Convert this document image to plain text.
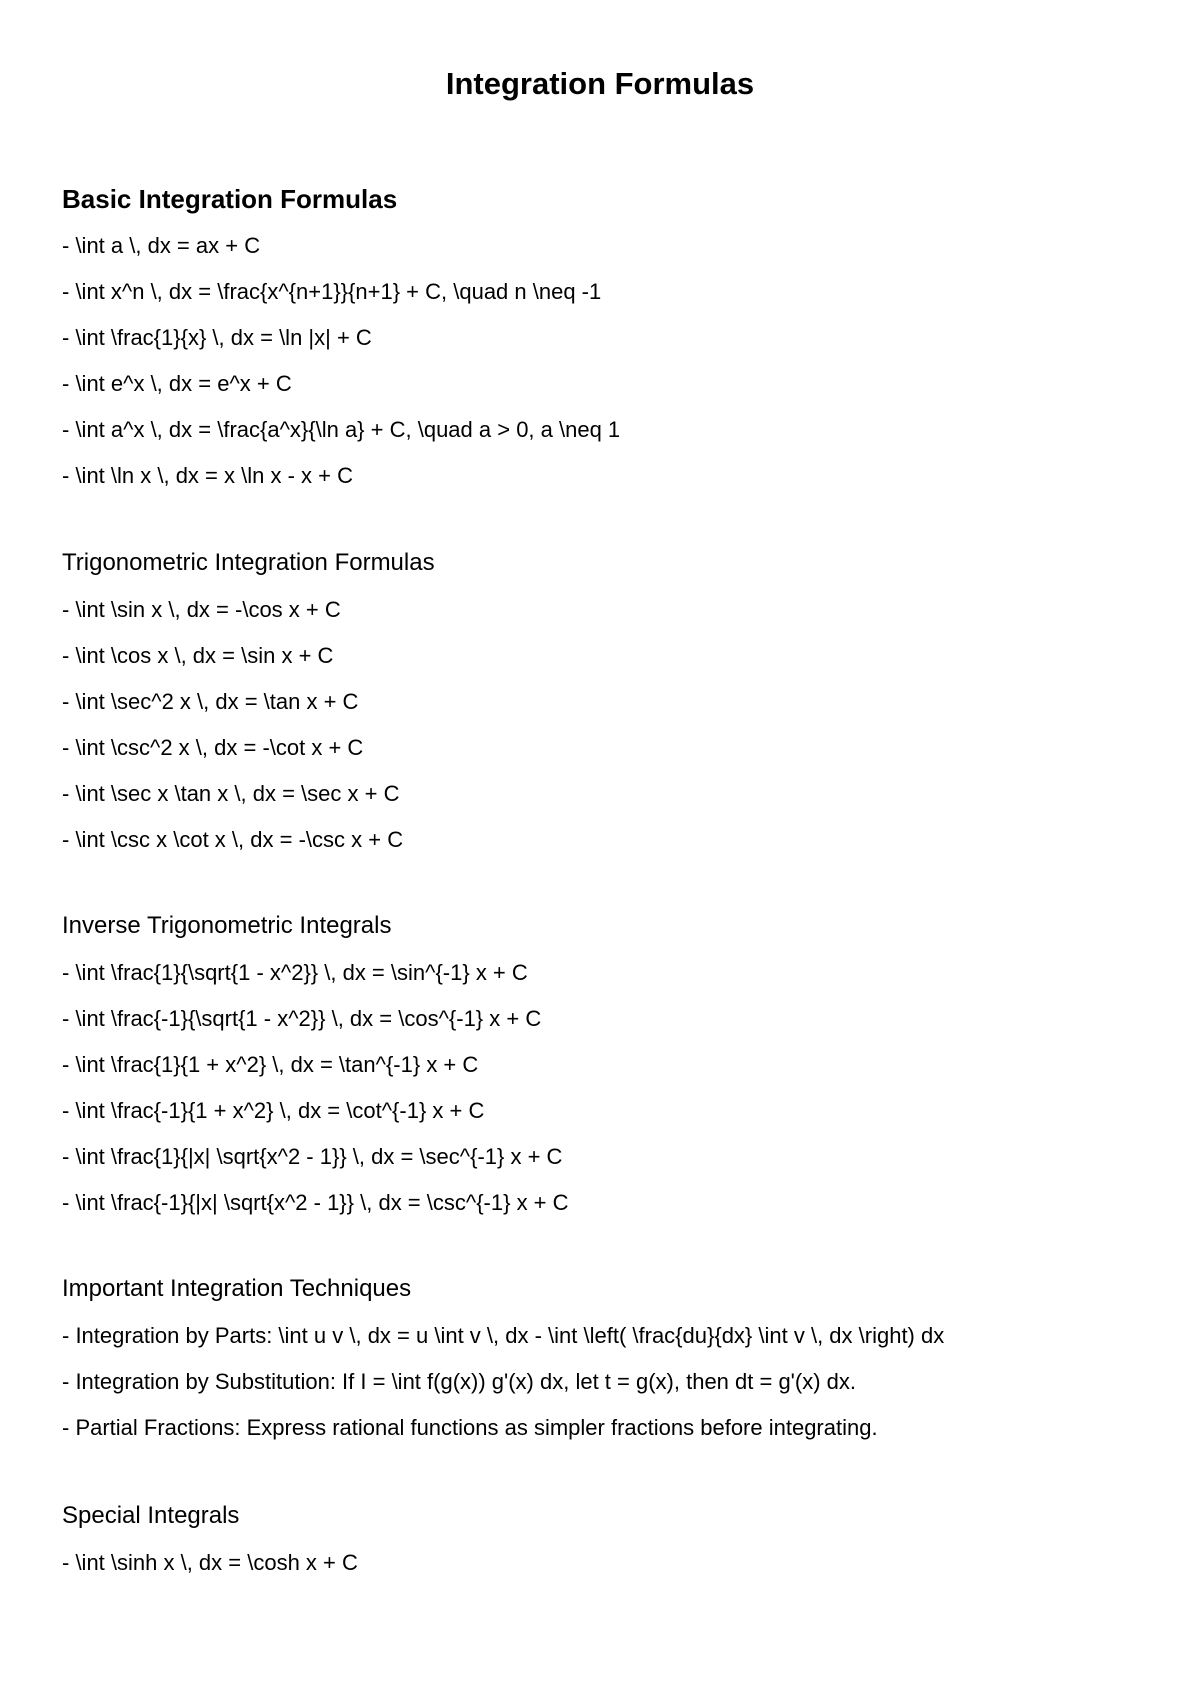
Integration Formulas
Basic Integration Formulas
- \int a \, dx = ax + C
- \int x^n \, dx = \frac{x^{n+1}}{n+1} + C, \quad n \neq -1
- \int \frac{1}{x} \, dx = \ln |x| + C
- \int e^x \, dx = e^x + C
- \int a^x \, dx = \frac{a^x}{\ln a} + C, \quad a > 0, a \neq 1
- \int \ln x \, dx = x \ln x - x + C
Trigonometric Integration Formulas
- \int \sin x \, dx = -\cos x + C
- \int \cos x \, dx = \sin x + C
- \int \sec^2 x \, dx = \tan x + C
- \int \csc^2 x \, dx = -\cot x + C
- \int \sec x \tan x \, dx = \sec x + C
- \int \csc x \cot x \, dx = -\csc x + C
Inverse Trigonometric Integrals
- \int \frac{1}{\sqrt{1 - x^2}} \, dx = \sin^{-1} x + C
- \int \frac{-1}{\sqrt{1 - x^2}} \, dx = \cos^{-1} x + C
- \int \frac{1}{1 + x^2} \, dx = \tan^{-1} x + C
- \int \frac{-1}{1 + x^2} \, dx = \cot^{-1} x + C
- \int \frac{1}{|x| \sqrt{x^2 - 1}} \, dx = \sec^{-1} x + C
- \int \frac{-1}{|x| \sqrt{x^2 - 1}} \, dx = \csc^{-1} x + C
Important Integration Techniques
- Integration by Parts: \int u v \, dx = u \int v \, dx - \int \left( \frac{du}{dx} \int v \, dx \right) dx
- Integration by Substitution: If I = \int f(g(x)) g'(x) dx, let t = g(x), then dt = g'(x) dx.
- Partial Fractions: Express rational functions as simpler fractions before integrating.
Special Integrals
- \int \sinh x \, dx = \cosh x + C
